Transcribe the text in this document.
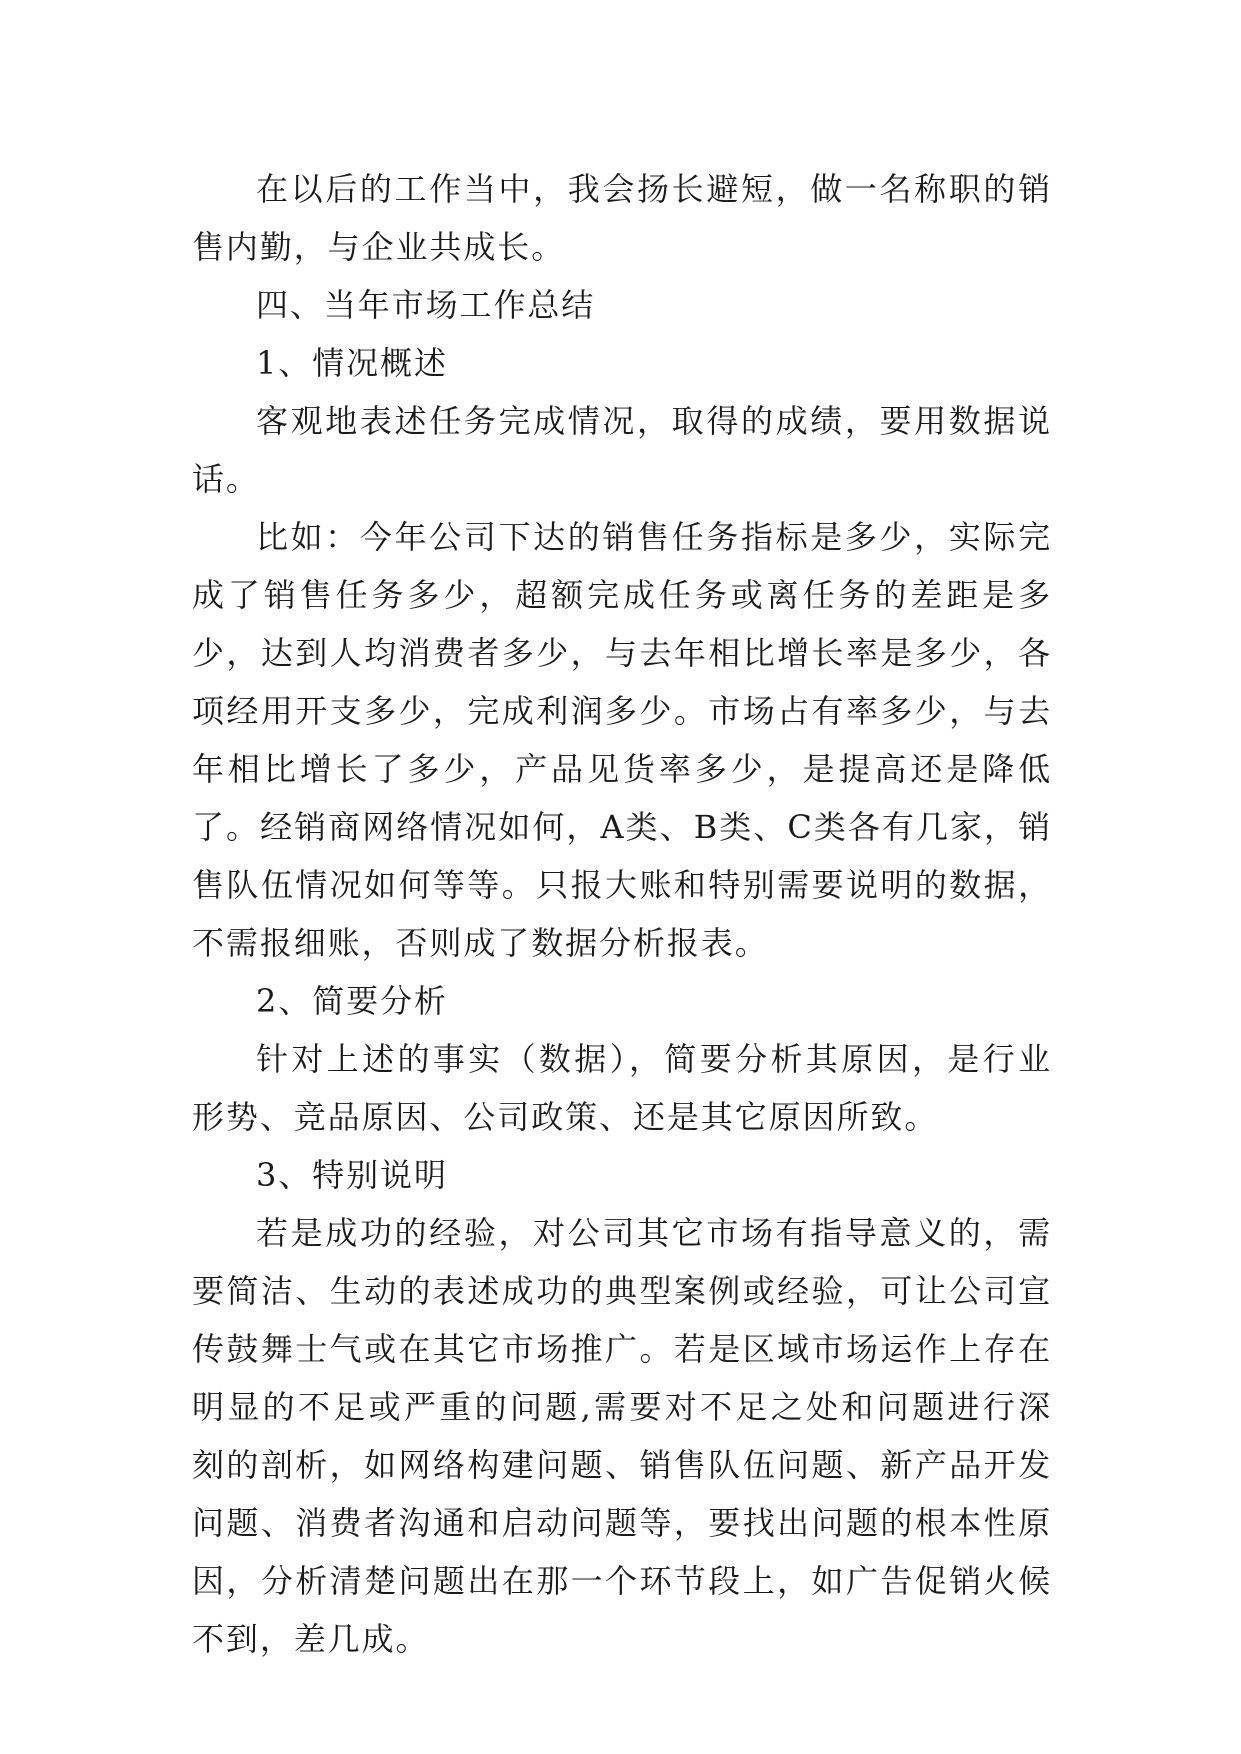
在以后的工作当中，我会扬长避短，做一名称职的销售内勤，与企业共成长。

四、当年市场工作总结

1、情况概述

客观地表述任务完成情况，取得的成绩，要用数据说话。

比如：今年公司下达的销售任务指标是多少，实际完成了销售任务多少，超额完成任务或离任务的差距是多少，达到人均消费者多少，与去年相比增长率是多少，各项经用开支多少，完成利润多少。市场占有率多少，与去年相比增长了多少，产品见货率多少，是提高还是降低了。经销商网络情况如何，A类、B类、C类各有几家，销售队伍情况如何等等。只报大账和特别需要说明的数据，不需报细账，否则成了数据分析报表。

2、简要分析

针对上述的事实（数据），简要分析其原因，是行业形势、竞品原因、公司政策、还是其它原因所致。

3、特别说明

若是成功的经验，对公司其它市场有指导意义的，需要简洁、生动的表述成功的典型案例或经验，可让公司宣传鼓舞士气或在其它市场推广。若是区域市场运作上存在明显的不足或严重的问题,需要对不足之处和问题进行深刻的剖析，如网络构建问题、销售队伍问题、新产品开发问题、消费者沟通和启动问题等，要找出问题的根本性原因，分析清楚问题出在那一个环节段上，如广告促销火候不到，差几成。
